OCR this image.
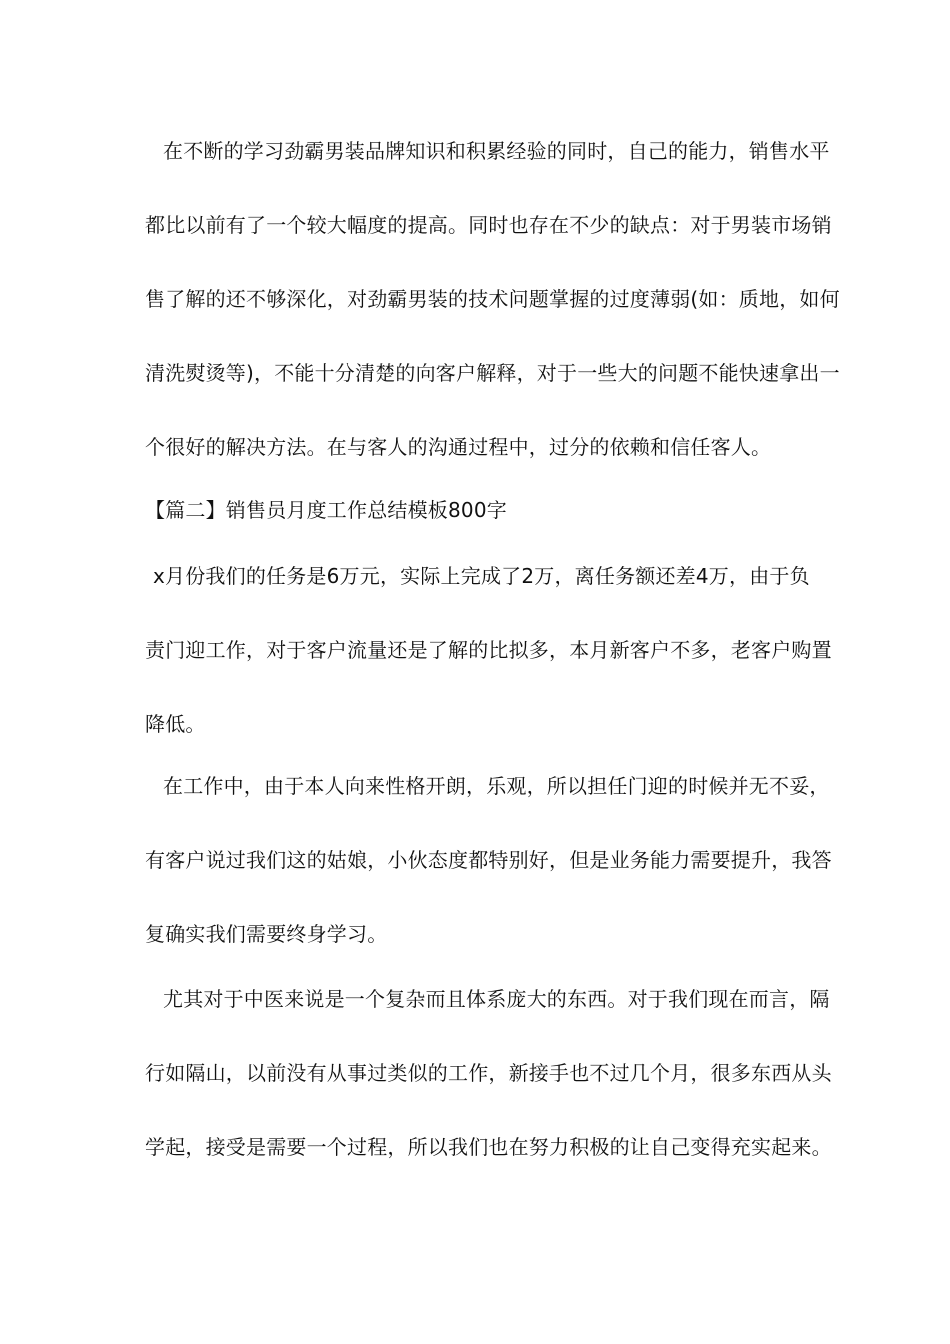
在不断的学习劲霸男装品牌知识和积累经验的同时，自己的能力，销售水平
都比以前有了一个较大幅度的提高。同时也存在不少的缺点：对于男装市场销
售了解的还不够深化，对劲霸男装的技术问题掌握的过度薄弱(如：质地，如何
清洗熨烫等)，不能十分清楚的向客户解释，对于一些大的问题不能快速拿出一
个很好的解决方法。在与客人的沟通过程中，过分的依赖和信任客人。
【篇二】销售员月度工作总结模板800字
x月份我们的任务是6万元，实际上完成了2万，离任务额还差4万，由于负
责门迎工作，对于客户流量还是了解的比拟多，本月新客户不多，老客户购置
降低。
在工作中，由于本人向来性格开朗，乐观，所以担任门迎的时候并无不妥，
有客户说过我们这的姑娘，小伙态度都特别好，但是业务能力需要提升，我答
复确实我们需要终身学习。
尤其对于中医来说是一个复杂而且体系庞大的东西。对于我们现在而言，隔
行如隔山，以前没有从事过类似的工作，新接手也不过几个月，很多东西从头
学起，接受是需要一个过程，所以我们也在努力积极的让自己变得充实起来。
